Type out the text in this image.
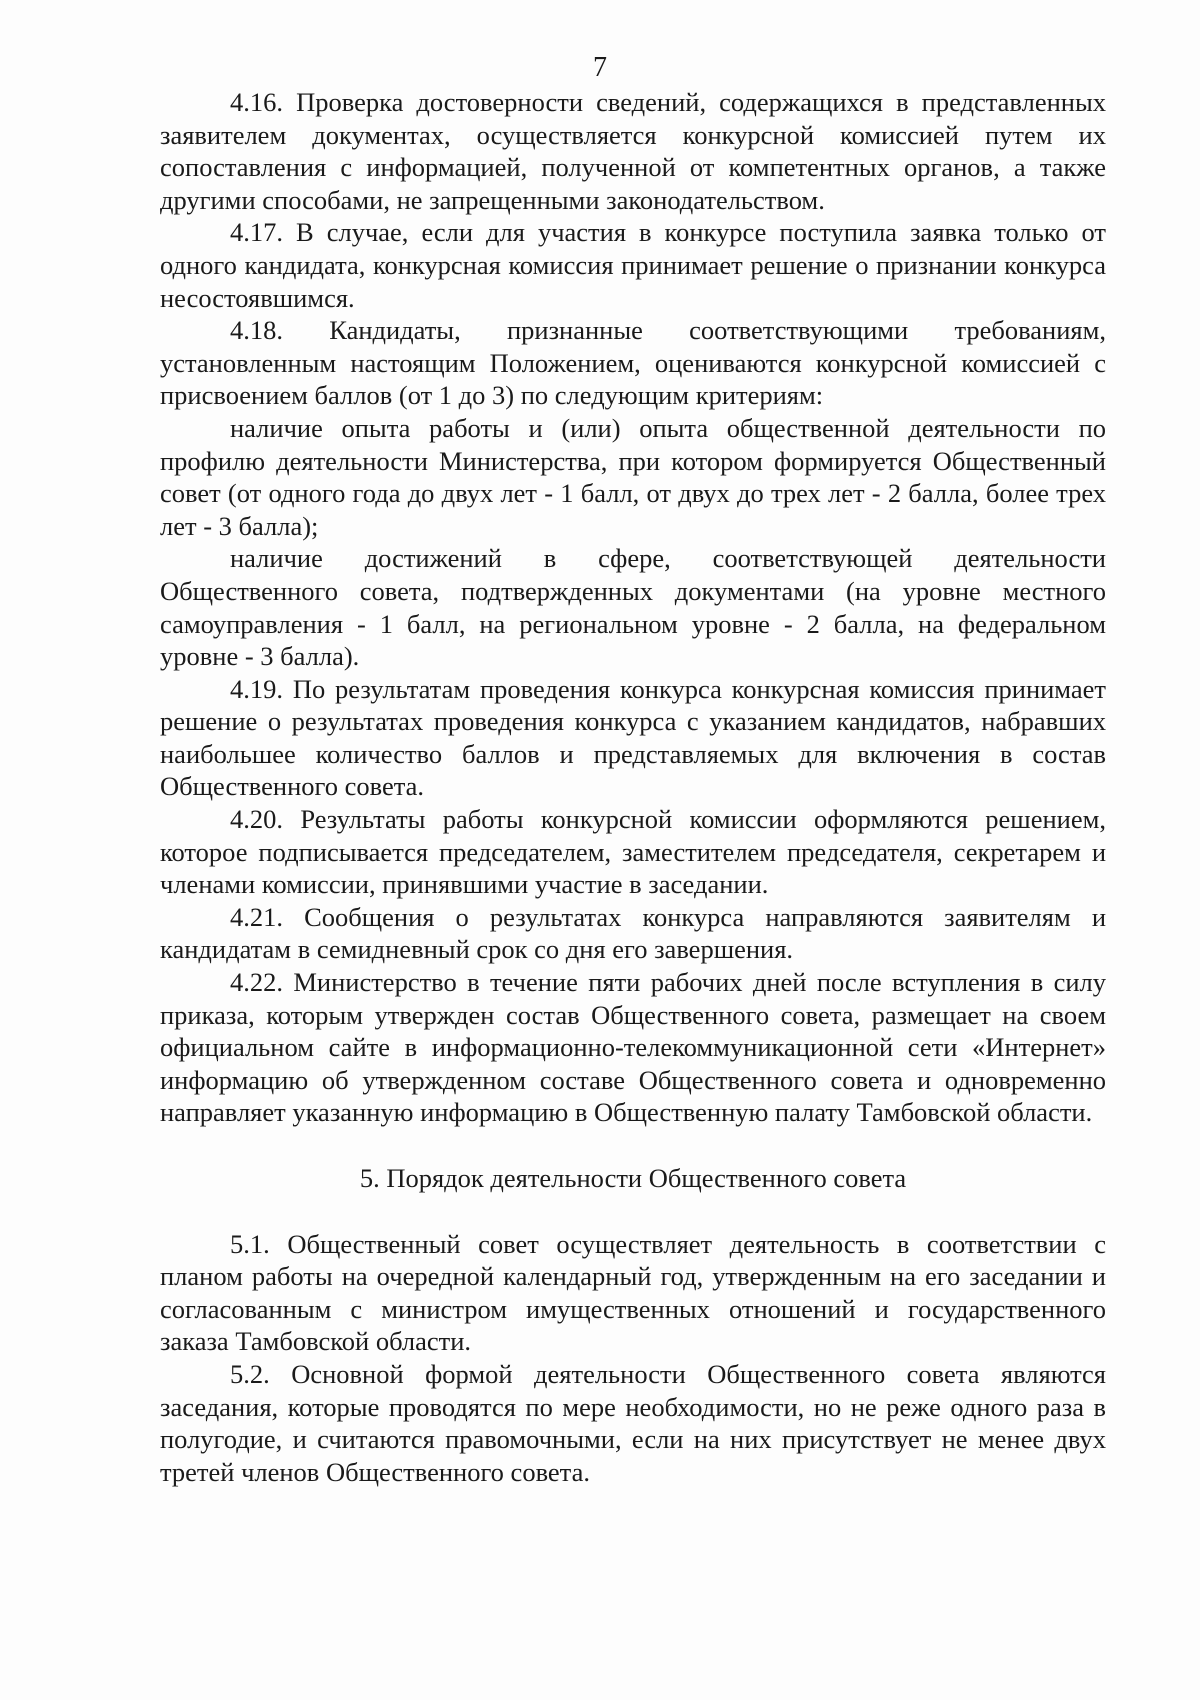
7

4.16. Проверка достоверности сведений, содержащихся в представленных заявителем документах, осуществляется конкурсной комиссией путем их сопоставления с информацией, полученной от компетентных органов, а также другими способами, не запрещенными законодательством.

4.17. В случае, если для участия в конкурсе поступила заявка только от одного кандидата, конкурсная комиссия принимает решение о признании конкурса несостоявшимся.

4.18. Кандидаты, признанные соответствующими требованиям, установленным настоящим Положением, оцениваются конкурсной комиссией с присвоением баллов (от 1 до 3) по следующим критериям:

наличие опыта работы и (или) опыта общественной деятельности по профилю деятельности Министерства, при котором формируется Общественный совет (от одного года до двух лет - 1 балл, от двух до трех лет - 2 балла, более трех лет - 3 балла);

наличие достижений в сфере, соответствующей деятельности Общественного совета, подтвержденных документами (на уровне местного самоуправления - 1 балл, на региональном уровне - 2 балла, на федеральном уровне - 3 балла).

4.19. По результатам проведения конкурса конкурсная комиссия принимает решение о результатах проведения конкурса с указанием кандидатов, набравших наибольшее количество баллов и представляемых для включения в состав Общественного совета.

4.20. Результаты работы конкурсной комиссии оформляются решением, которое подписывается председателем, заместителем председателя, секретарем и членами комиссии, принявшими участие в заседании.

4.21. Сообщения о результатах конкурса направляются заявителям и кандидатам в семидневный срок со дня его завершения.

4.22. Министерство в течение пяти рабочих дней после вступления в силу приказа, которым утвержден состав Общественного совета, размещает на своем официальном сайте в информационно-телекоммуникационной сети «Интернет» информацию об утвержденном составе Общественного совета и одновременно направляет указанную информацию в Общественную палату Тамбовской области.

5. Порядок деятельности Общественного совета

5.1. Общественный совет осуществляет деятельность в соответствии с планом работы на очередной календарный год, утвержденным на его заседании и согласованным с министром имущественных отношений и государственного заказа Тамбовской области.

5.2. Основной формой деятельности Общественного совета являются заседания, которые проводятся по мере необходимости, но не реже одного раза в полугодие, и считаются правомочными, если на них присутствует не менее двух третей членов Общественного совета.
